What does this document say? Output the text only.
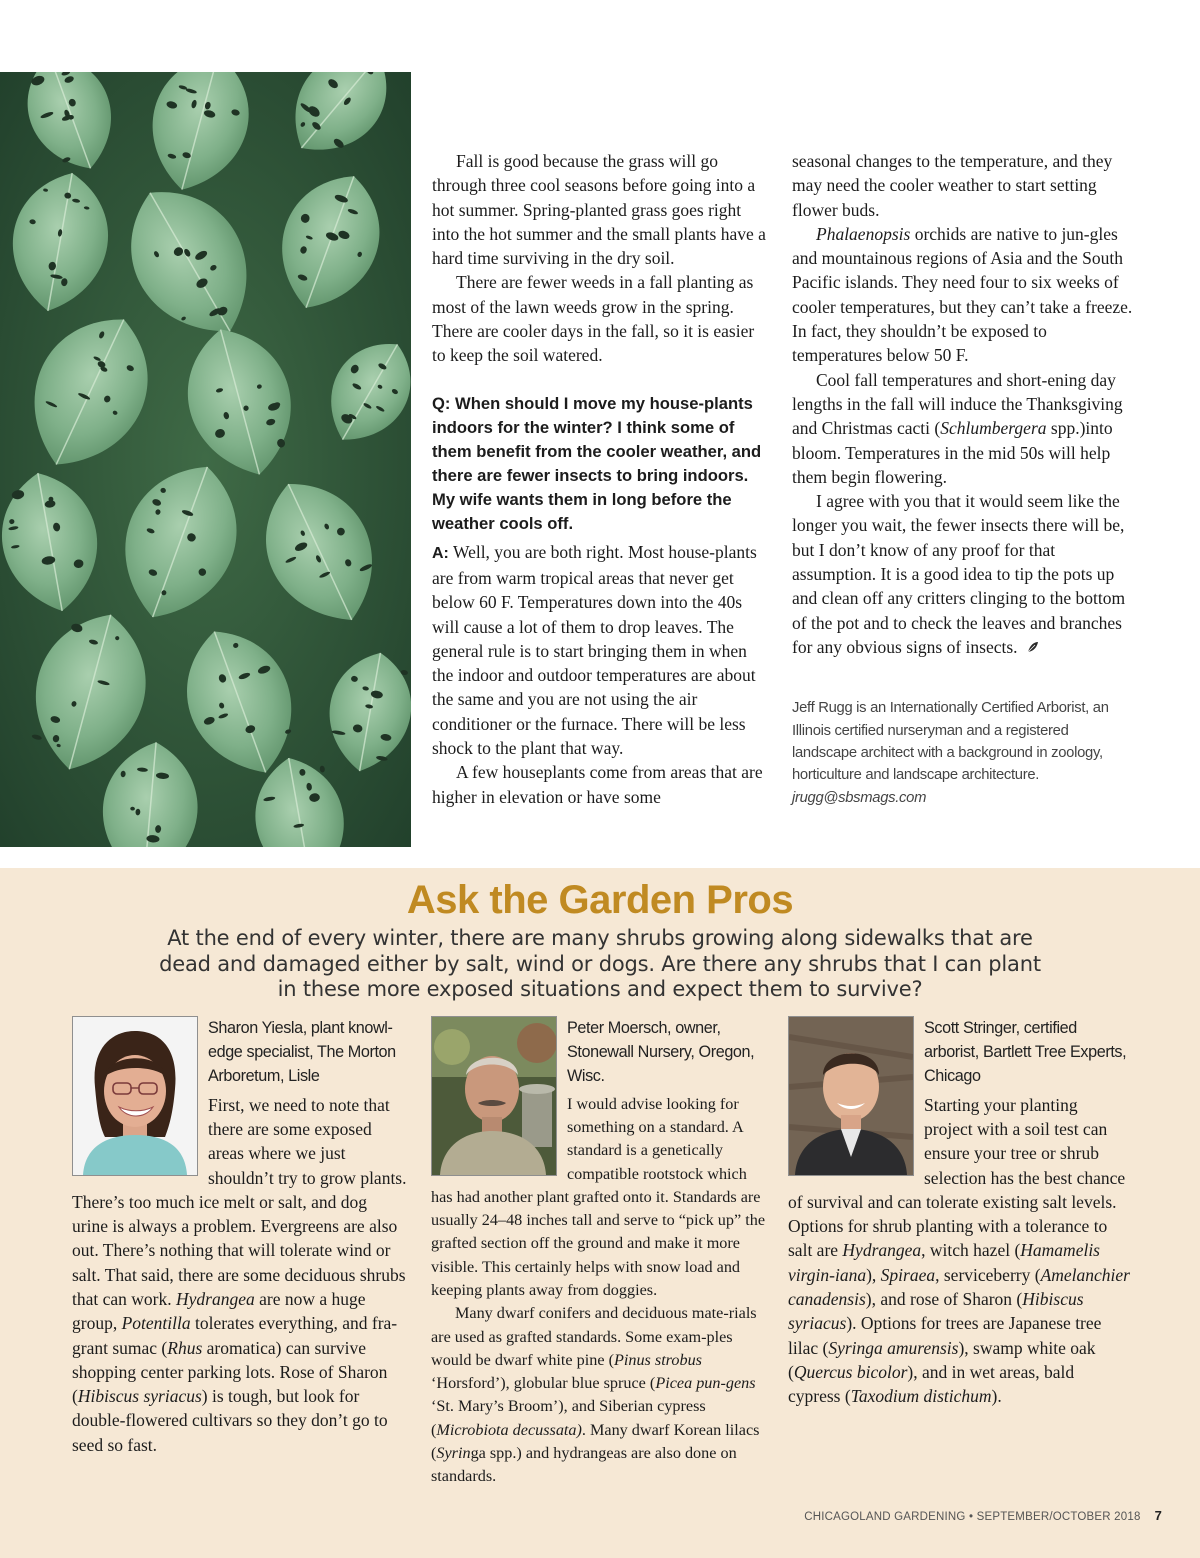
Fall is good because the grass will go through three cool seasons before going into a hot summer. Spring-planted grass goes right into the hot summer and the small plants have a hard time surviving in the dry soil.

There are fewer weeds in a fall planting as most of the lawn weeds grow in the spring. There are cooler days in the fall, so it is easier to keep the soil watered.

Q: When should I move my house-plants indoors for the winter? I think some of them benefit from the cooler weather, and there are fewer insects to bring indoors. My wife wants them in long before the weather cools off.

A: Well, you are both right. Most house-plants are from warm tropical areas that never get below 60 F. Temperatures down into the 40s will cause a lot of them to drop leaves. The general rule is to start bringing them in when the indoor and outdoor temperatures are about the same and you are not using the air conditioner or the furnace. There will be less shock to the plant that way.

A few houseplants come from areas that are higher in elevation or have some

seasonal changes to the temperature, and they may need the cooler weather to start setting flower buds.

Phalaenopsis orchids are native to jun-gles and mountainous regions of Asia and the South Pacific islands. They need four to six weeks of cooler temperatures, but they can’t take a freeze. In fact, they shouldn’t be exposed to temperatures below 50 F.

Cool fall temperatures and short-ening day lengths in the fall will induce the Thanksgiving and Christmas cacti (Schlumbergera spp.)into bloom. Temperatures in the mid 50s will help them begin flowering.

I agree with you that it would seem like the longer you wait, the fewer insects there will be, but I don’t know of any proof for that assumption. It is a good idea to tip the pots up and clean off any critters clinging to the bottom of the pot and to check the leaves and branches for any obvious signs of insects.

Jeff Rugg is an Internationally Certified Arborist, an Illinois certified nurseryman and a registered landscape architect with a background in zoology, horticulture and landscape architecture.
jrugg@sbsmags.com
Ask the Garden Pros
At the end of every winter, there are many shrubs growing along sidewalks that are dead and damaged either by salt, wind or dogs. Are there any shrubs that I can plant in these more exposed situations and expect them to survive?
Sharon Yiesla, plant knowl-edge specialist, The Morton Arboretum, Lisle

First, we need to note that there are some exposed areas where we just shouldn’t try to grow plants. There’s too much ice melt or salt, and dog urine is always a problem. Evergreens are also out. There’s nothing that will tolerate wind or salt. That said, there are some deciduous shrubs that can work. Hydrangea are now a huge group, Potentilla tolerates everything, and fra-grant sumac (Rhus aromatica) can survive shopping center parking lots. Rose of Sharon (Hibiscus syriacus) is tough, but look for double-flowered cultivars so they don’t go to seed so fast.

Peter Moersch, owner, Stonewall Nursery, Oregon, Wisc.

I would advise looking for something on a standard. A standard is a genetically compatible rootstock which has had another plant grafted onto it. Standards are usually 24–48 inches tall and serve to “pick up” the grafted section off the ground and make it more visible. This certainly helps with snow load and keeping plants away from doggies.

Many dwarf conifers and deciduous mate-rials are used as grafted standards. Some exam-ples would be dwarf white pine (Pinus strobus ‘Horsford’), globular blue spruce (Picea pun-gens ‘St. Mary’s Broom’), and Siberian cypress (Microbiota decussata). Many dwarf Korean lilacs (Syringa spp.) and hydrangeas are also done on standards.

Scott Stringer, certified arborist, Bartlett Tree Experts, Chicago

Starting your planting project with a soil test can ensure your tree or shrub selection has the best chance of survival and can tolerate existing salt levels. Options for shrub planting with a tolerance to salt are Hydrangea, witch hazel (Hamamelis virgin-iana), Spiraea, serviceberry (Amelanchier canadensis), and rose of Sharon (Hibiscus syriacus). Options for trees are Japanese tree lilac (Syringa amurensis), swamp white oak (Quercus bicolor), and in wet areas, bald cypress (Taxodium distichum).

CHICAGOLAND GARDENING • SEPTEMBER/OCTOBER 2018 7
